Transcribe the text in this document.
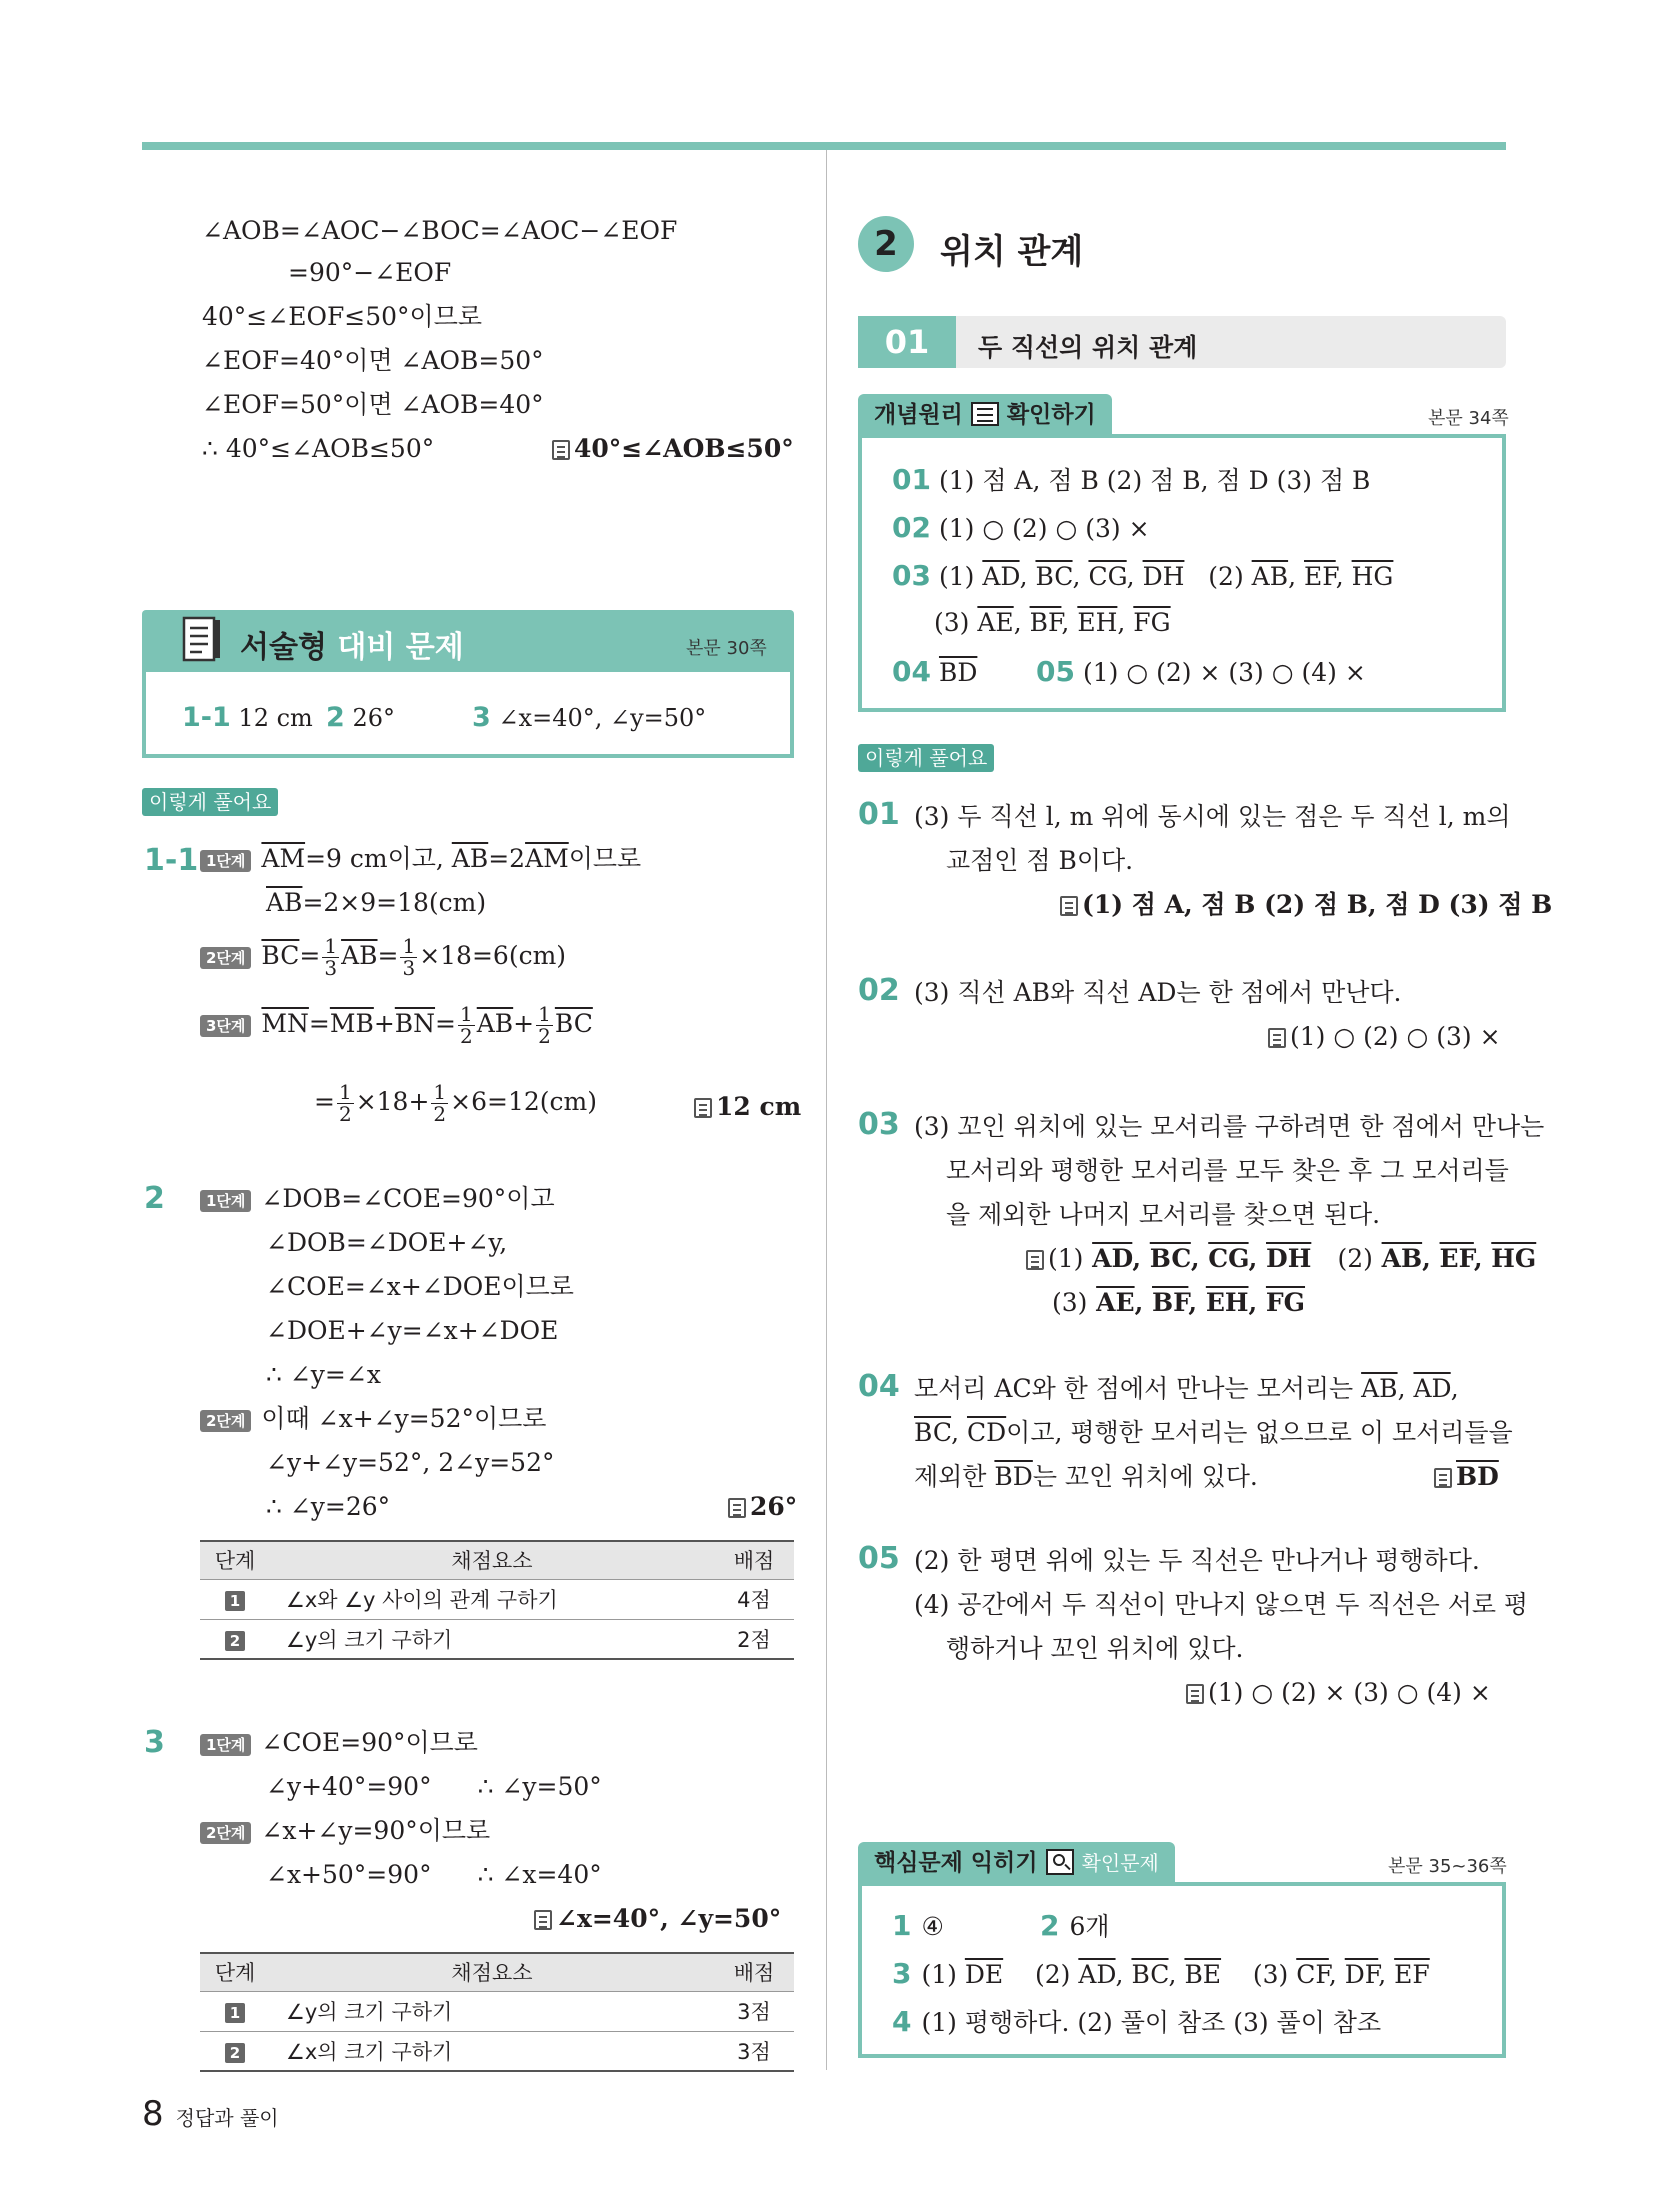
∠AOB=∠AOC−∠BOC=∠AOC−∠EOF
=90°−∠EOF
40°≤∠EOF≤50°이므로
∠EOF=40°이면 ∠AOB=50°
∠EOF=50°이면 ∠AOB=40°
∴ 40°≤∠AOB≤50°	40°≤∠AOB≤50°
서술형 대비 문제	본문 30쪽
1-1 12 cm 2 26°	3 ∠x=40°, ∠y=50°
이렇게 풀어요
1-1 1단계 $\overline{AM}=9$ cm이고, $\overline{AB}=2\overline{AM}$이므로
$\overline{AB}=2\times 9=18(cm)$
2단계 $\overline{BC}= \frac{1}{3} \overline{AB}= \frac{1}{3} \times 18=6(cm)$
3단계 $\overline{MN}=\overline{MB}+\overline{BN}= \frac{1}{2} \overline{AB}+ \frac{1}{2} \overline{BC}$
= $\frac{1}{2} \times 18+ \frac{1}{2} \times 6=12(cm)$	12 cm
2	1단계 ∠DOB=∠COE=90°이고
∠DOB=∠DOE+∠y,
∠COE=∠x+∠DOE이므로
∠DOE+∠y=∠x+∠DOE
∴ ∠y=∠x
2단계 이때 ∠x+∠y=52°이므로
∠y+∠y=52°, 2∠y=52°
∴ ∠y=26°	26°
단계	채점요소	배점
1	∠x와 ∠y 사이의 관계 구하기	4점
2	∠y의 크기 구하기	2점
3	1단계 ∠COE=90°이므로
∠y+40°=90° ∴ ∠y=50°
2단계 ∠x+∠y=90°이므로
∠x+50°=90° ∴ ∠x=40°
∠x=40°, ∠y=50°
단계	채점요소	배점
1	∠y의 크기 구하기	3점
2	∠x의 크기 구하기	3점
8 정답과 풀이
2	위치 관계
01	두 직선의 위치 관계
개념원리 확인하기	본문 34쪽
01 (1) 점 A, 점 B (2) 점 B, 점 D (3) 점 B
02 (1) ○ (2) ○ (3) ×
03 (1) $\overline{AD}$, $\overline{BC}$, $\overline{CG}$, $\overline{DH}$ (2) $\overline{AB}$, $\overline{EF}$, $\overline{HG}$
(3) $\overline{AE}$, $\overline{BF}$, $\overline{EH}$, $\overline{FG}$
04 $\overline{BD}$ 05 (1) ○ (2) × (3) ○ (4) ×
이렇게 풀어요
01 (3) 두 직선 l, m 위에 동시에 있는 점은 두 직선 l, m의
교점인 점 B이다.
(1) 점 A, 점 B (2) 점 B, 점 D (3) 점 B
02 (3) 직선 AB와 직선 AD는 한 점에서 만난다.
(1) ○ (2) ○ (3) ×
03 (3) 꼬인 위치에 있는 모서리를 구하려면 한 점에서 만나는
모서리와 평행한 모서리를 모두 찾은 후 그 모서리들
을 제외한 나머지 모서리를 찾으면 된다.
(1) $\overline{AD}$, $\overline{BC}$, $\overline{CG}$, $\overline{DH}$ (2) $\overline{AB}$, $\overline{EF}$, $\overline{HG}$
(3) $\overline{AE}$, $\overline{BF}$, $\overline{EH}$, $\overline{FG}$
04 모서리 AC와 한 점에서 만나는 모서리는 $\overline{AB}$, $\overline{AD}$,
$\overline{BC}$, $\overline{CD}$이고, 평행한 모서리는 없으므로 이 모서리들을
제외한 $\overline{BD}$는 꼬인 위치에 있다.	$\overline{BD}$
05 (2) 한 평면 위에 있는 두 직선은 만나거나 평행하다.
(4) 공간에서 두 직선이 만나지 않으면 두 직선은 서로 평
행하거나 꼬인 위치에 있다.
(1) ○ (2) × (3) ○ (4) ×
핵심문제 익히기 확인문제	본문 35~36쪽
1 ④	2 6개
3 (1) $\overline{DE}$ (2) $\overline{AD}$, $\overline{BC}$, $\overline{BE}$ (3) $\overline{CF}$, $\overline{DF}$, $\overline{EF}$
4 (1) 평행하다. (2) 풀이 참조 (3) 풀이 참조
